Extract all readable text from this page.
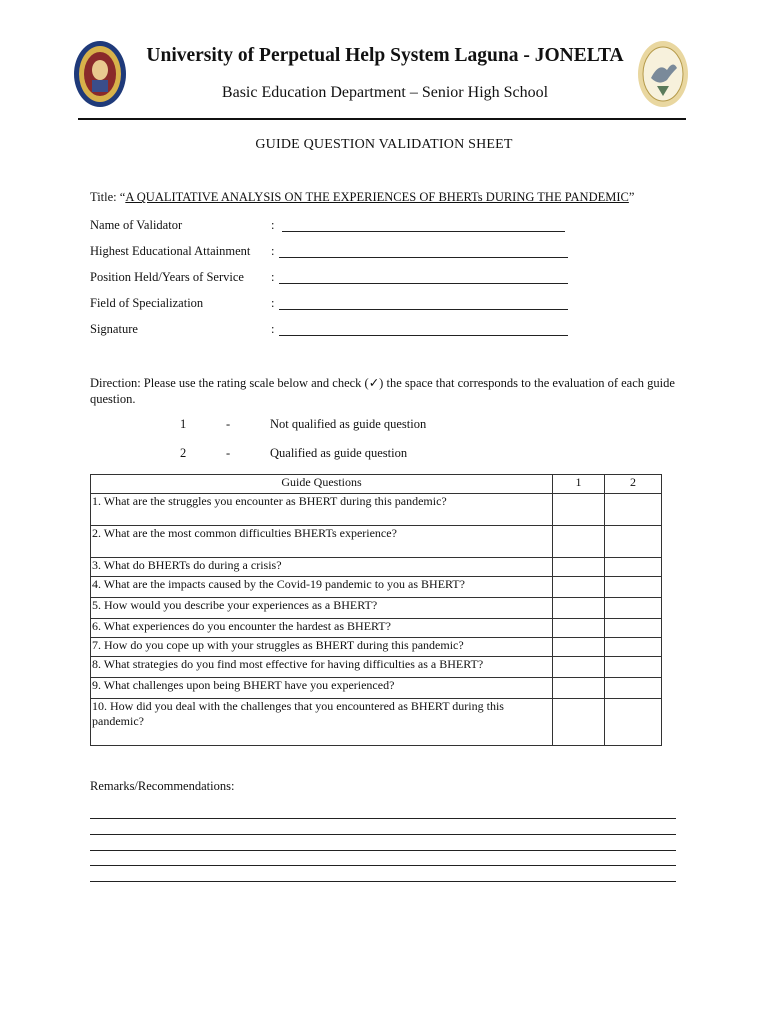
University of Perpetual Help System Laguna - JONELTA
Basic Education Department – Senior High School
GUIDE QUESTION VALIDATION SHEET
Title: “A QUALITATIVE ANALYSIS ON THE EXPERIENCES OF BHERTs DURING THE PANDEMIC”
Name of Validator	:
Highest Educational Attainment :
Position Held/Years of Service :
Field of Specialization	:
Signature	:
Direction: Please use the rating scale below and check (✓) the space that corresponds to the evaluation of each guide question.
1	-	Not qualified as guide question
2	-	Qualified as guide question
Guide Questions	1	2
1. What are the struggles you encounter as BHERT during this pandemic?		
2. What are the most common difficulties BHERTs experience?		
3. What do BHERTs do during a crisis?		
4. What are the impacts caused by the Covid-19 pandemic to you as BHERT?		
5. How would you describe your experiences as a BHERT?		
6. What experiences do you encounter the hardest as BHERT?		
7. How do you cope up with your struggles as BHERT during this pandemic?		
8. What strategies do you find most effective for having difficulties as a BHERT?		
9. What challenges upon being BHERT have you experienced?		
10. How did you deal with the challenges that you encountered as BHERT during this pandemic?		
Remarks/Recommendations:
